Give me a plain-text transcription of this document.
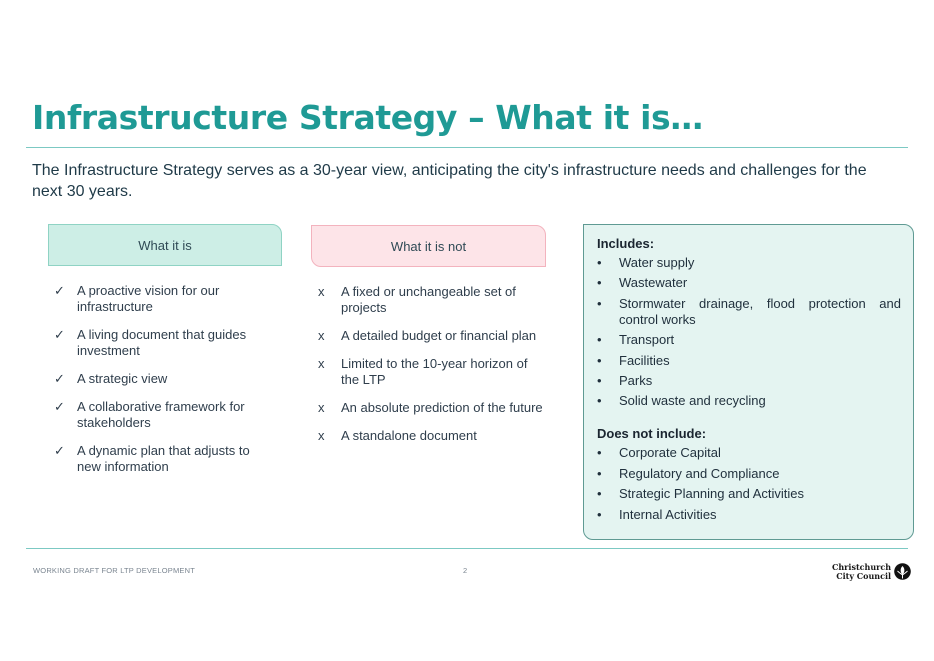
Infrastructure Strategy – What it is…

The Infrastructure Strategy serves as a 30-year view, anticipating the city's infrastructure needs and challenges for the next 30 years.

What it is
✓ A proactive vision for our infrastructure
✓ A living document that guides investment
✓ A strategic view
✓ A collaborative framework for stakeholders
✓ A dynamic plan that adjusts to new information
What it is not
x A fixed or unchangeable set of projects
x A detailed budget or financial plan
x Limited to the 10-year horizon of the LTP
x An absolute prediction of the future
x A standalone document
Includes:
• Water supply
• Wastewater
• Stormwater drainage, flood protection and control works
• Transport
• Facilities
• Parks
• Solid waste and recycling
Does not include:
• Corporate Capital
• Regulatory and Compliance
• Strategic Planning and Activities
• Internal Activities
WORKING DRAFT FOR LTP DEVELOPMENT	2	Christchurch
City Council
